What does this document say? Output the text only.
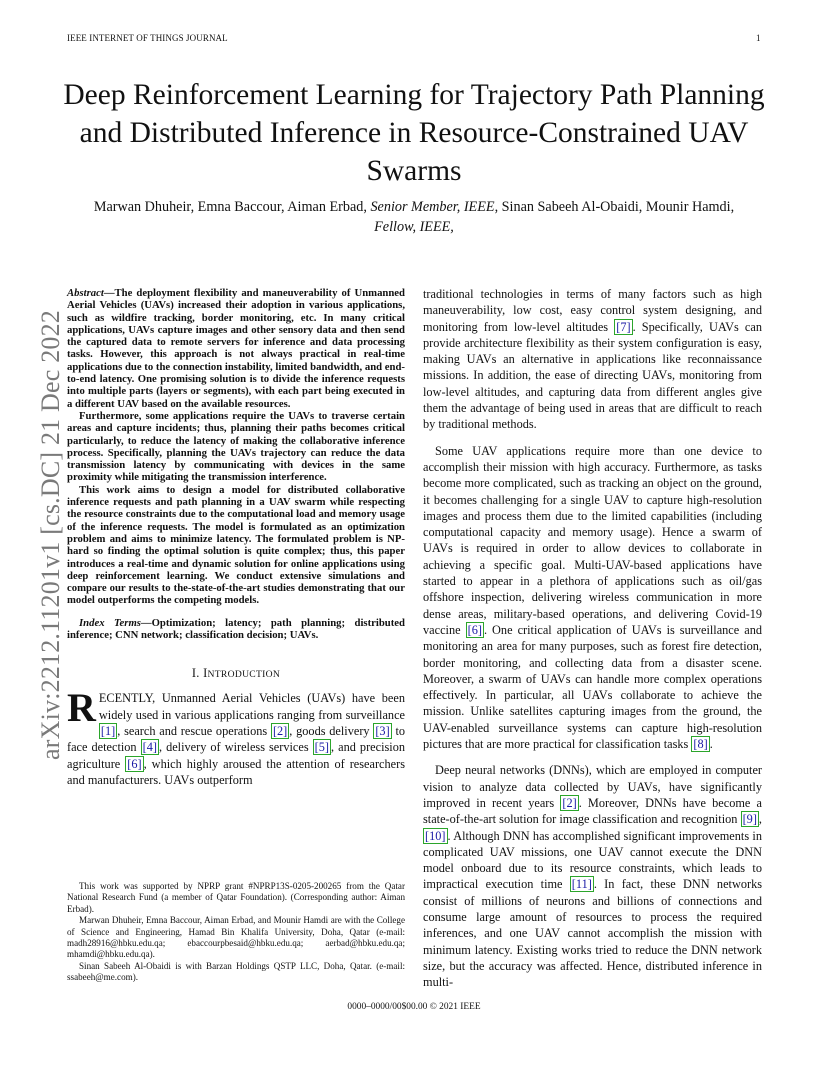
IEEE INTERNET OF THINGS JOURNAL	1
Deep Reinforcement Learning for Trajectory Path Planning and Distributed Inference in Resource-Constrained UAV Swarms
Marwan Dhuheir, Emna Baccour, Aiman Erbad, Senior Member, IEEE, Sinan Sabeeh Al-Obaidi, Mounir Hamdi, Fellow, IEEE,
arXiv:2212.11201v1 [cs.DC] 21 Dec 2022

Abstract—The deployment flexibility and maneuverability of Unmanned Aerial Vehicles (UAVs) increased their adoption in various applications, such as wildfire tracking, border monitoring, etc. In many critical applications, UAVs capture images and other sensory data and then send the captured data to remote servers for inference and data processing tasks. However, this approach is not always practical in real-time applications due to the connection instability, limited bandwidth, and end-to-end latency. One promising solution is to divide the inference requests into multiple parts (layers or segments), with each part being executed in a different UAV based on the available resources.

Furthermore, some applications require the UAVs to traverse certain areas and capture incidents; thus, planning their paths becomes critical particularly, to reduce the latency of making the collaborative inference process. Specifically, planning the UAVs trajectory can reduce the data transmission latency by communicating with devices in the same proximity while mitigating the transmission interference.

This work aims to design a model for distributed collaborative inference requests and path planning in a UAV swarm while respecting the resource constraints due to the computational load and memory usage of the inference requests. The model is formulated as an optimization problem and aims to minimize latency. The formulated problem is NP-hard so finding the optimal solution is quite complex; thus, this paper introduces a real-time and dynamic solution for online applications using deep reinforcement learning. We conduct extensive simulations and compare our results to the-state-of-the-art studies demonstrating that our model outperforms the competing models.

Index Terms—Optimization; latency; path planning; distributed inference; CNN network; classification decision; UAVs.

I. INTRODUCTION

RECENTLY, Unmanned Aerial Vehicles (UAVs) have been widely used in various applications ranging from surveillance [1] , search and rescue operations [2] , goods delivery [3] to face detection [4] , delivery of wireless services [5] , and precision agriculture [6] , which highly aroused the attention of researchers and manufacturers. UAVs outperform

This work was supported by NPRP grant #NPRP13S-0205-200265 from the Qatar National Research Fund (a member of Qatar Foundation). (Corresponding author: Aiman Erbad).

Marwan Dhuheir, Emna Baccour, Aiman Erbad, and Mounir Hamdi are with the College of Science and Engineering, Hamad Bin Khalifa University, Doha, Qatar (e-mail: madh28916@hbku.edu.qa; ebaccourpbesaid@hbku.edu.qa; aerbad@hbku.edu.qa; mhamdi@hbku.edu.qa).

Sinan Sabeeh Al-Obaidi is with Barzan Holdings QSTP LLC, Doha, Qatar. (e-mail: ssabeeh@me.com).

traditional technologies in terms of many factors such as high maneuverability, low cost, easy control system designing, and monitoring from low-level altitudes [7] . Specifically, UAVs can provide architecture flexibility as their system configuration is easy, making UAVs an alternative in applications like reconnaissance missions. In addition, the ease of directing UAVs, monitoring from low-level altitudes, and capturing data from different angles give them the advantage of being used in areas that are difficult to reach by traditional methods.

Some UAV applications require more than one device to accomplish their mission with high accuracy. Furthermore, as tasks become more complicated, such as tracking an object on the ground, it becomes challenging for a single UAV to capture high-resolution images and process them due to the limited capabilities (including computational capacity and memory usage). Hence a swarm of UAVs is required in order to allow devices to collaborate in achieving a specific goal. Multi-UAV-based applications have started to appear in a plethora of applications such as oil/gas offshore inspection, delivering wireless communication in more dense areas, military-based operations, and delivering Covid-19 vaccine [6] . One critical application of UAVs is surveillance and monitoring an area for many purposes, such as forest fire detection, border monitoring, and collecting data from a disaster scene. Moreover, a swarm of UAVs can handle more complex operations effectively. In particular, all UAVs collaborate to achieve the mission. Unlike satellites capturing images from the ground, the UAV-enabled surveillance systems can capture high-resolution pictures that are more practical for classification tasks [8] .

Deep neural networks (DNNs), which are employed in computer vision to analyze data collected by UAVs, have significantly improved in recent years [2] . Moreover, DNNs have become a state-of-the-art solution for image classification and recognition [9] , [10] . Although DNN has accomplished significant improvements in complicated UAV missions, one UAV cannot execute the DNN model onboard due to its resource constraints, which leads to impractical execution time [11] . In fact, these DNN networks consist of millions of neurons and billions of connections and consume large amount of resources to process the required inferences, and one UAV cannot accomplish the mission with minimum latency. Existing works tried to reduce the DNN network size, but the accuracy was affected. Hence, distributed inference in multi-

0000–0000/00$00.00 © 2021 IEEE
